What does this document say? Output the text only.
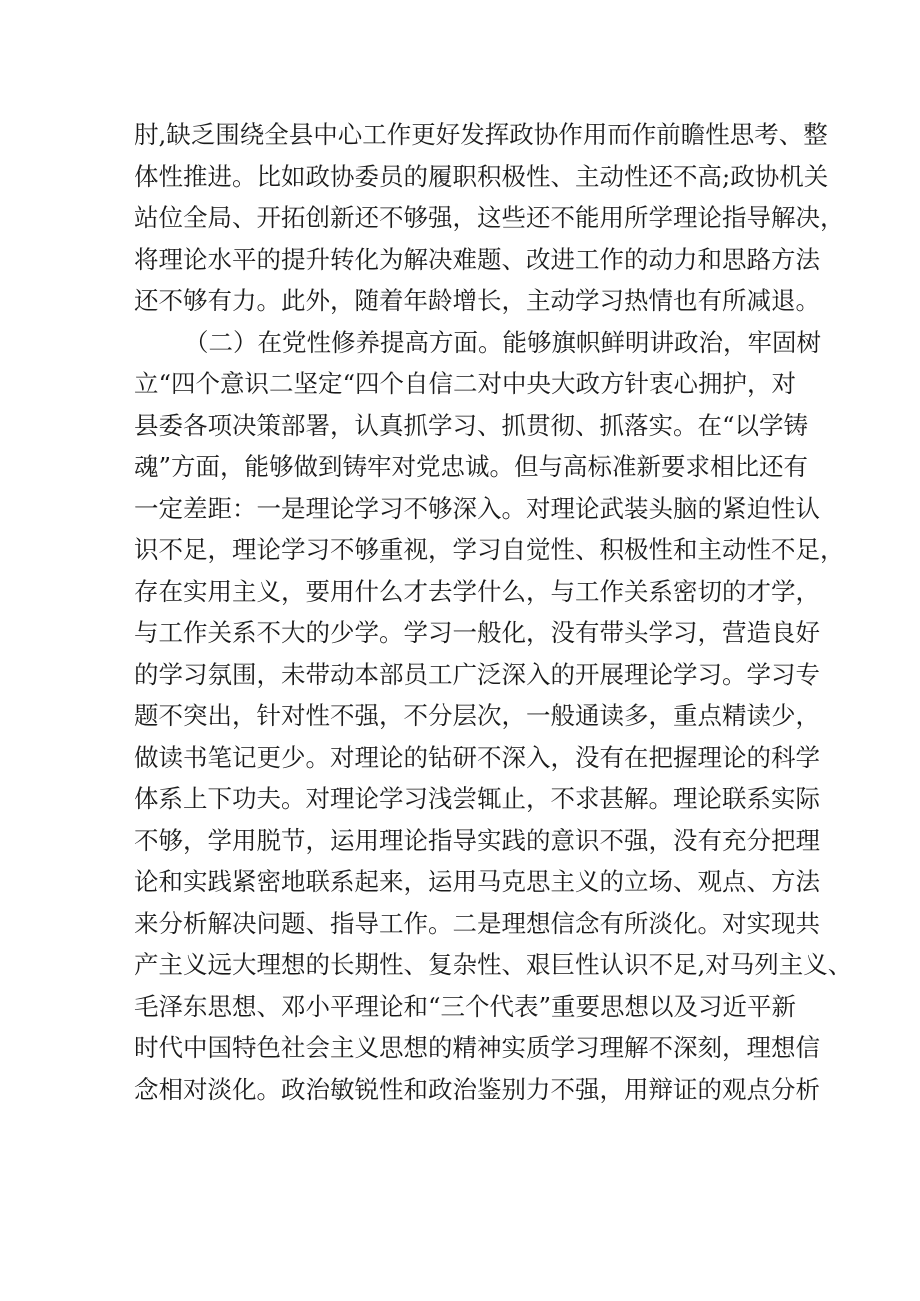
肘,缺乏围绕全县中心工作更好发挥政协作用而作前瞻性思考、整
体性推进。比如政协委员的履职积极性、主动性还不高;政协机关
站位全局、开拓创新还不够强，这些还不能用所学理论指导解决，
将理论水平的提升转化为解决难题、改进工作的动力和思路方法
还不够有力。此外，随着年龄增长，主动学习热情也有所减退。
（二）在党性修养提高方面。能够旗帜鲜明讲政治，牢固树
立“四个意识二坚定“四个自信二对中央大政方针衷心拥护，对
县委各项决策部署，认真抓学习、抓贯彻、抓落实。在“以学铸
魂”方面，能够做到铸牢对党忠诚。但与高标准新要求相比还有
一定差距：一是理论学习不够深入。对理论武装头脑的紧迫性认
识不足，理论学习不够重视，学习自觉性、积极性和主动性不足，
存在实用主义，要用什么才去学什么，与工作关系密切的才学，
与工作关系不大的少学。学习一般化，没有带头学习，营造良好
的学习氛围，未带动本部员工广泛深入的开展理论学习。学习专
题不突出，针对性不强，不分层次，一般通读多，重点精读少，
做读书笔记更少。对理论的钻研不深入，没有在把握理论的科学
体系上下功夫。对理论学习浅尝辄止，不求甚解。理论联系实际
不够，学用脱节，运用理论指导实践的意识不强，没有充分把理
论和实践紧密地联系起来，运用马克思主义的立场、观点、方法
来分析解决问题、指导工作。二是理想信念有所淡化。对实现共
产主义远大理想的长期性、复杂性、艰巨性认识不足,对马列主义、
毛泽东思想、邓小平理论和“三个代表”重要思想以及习近平新
时代中国特色社会主义思想的精神实质学习理解不深刻，理想信
念相对淡化。政治敏锐性和政治鉴别力不强，用辩证的观点分析
